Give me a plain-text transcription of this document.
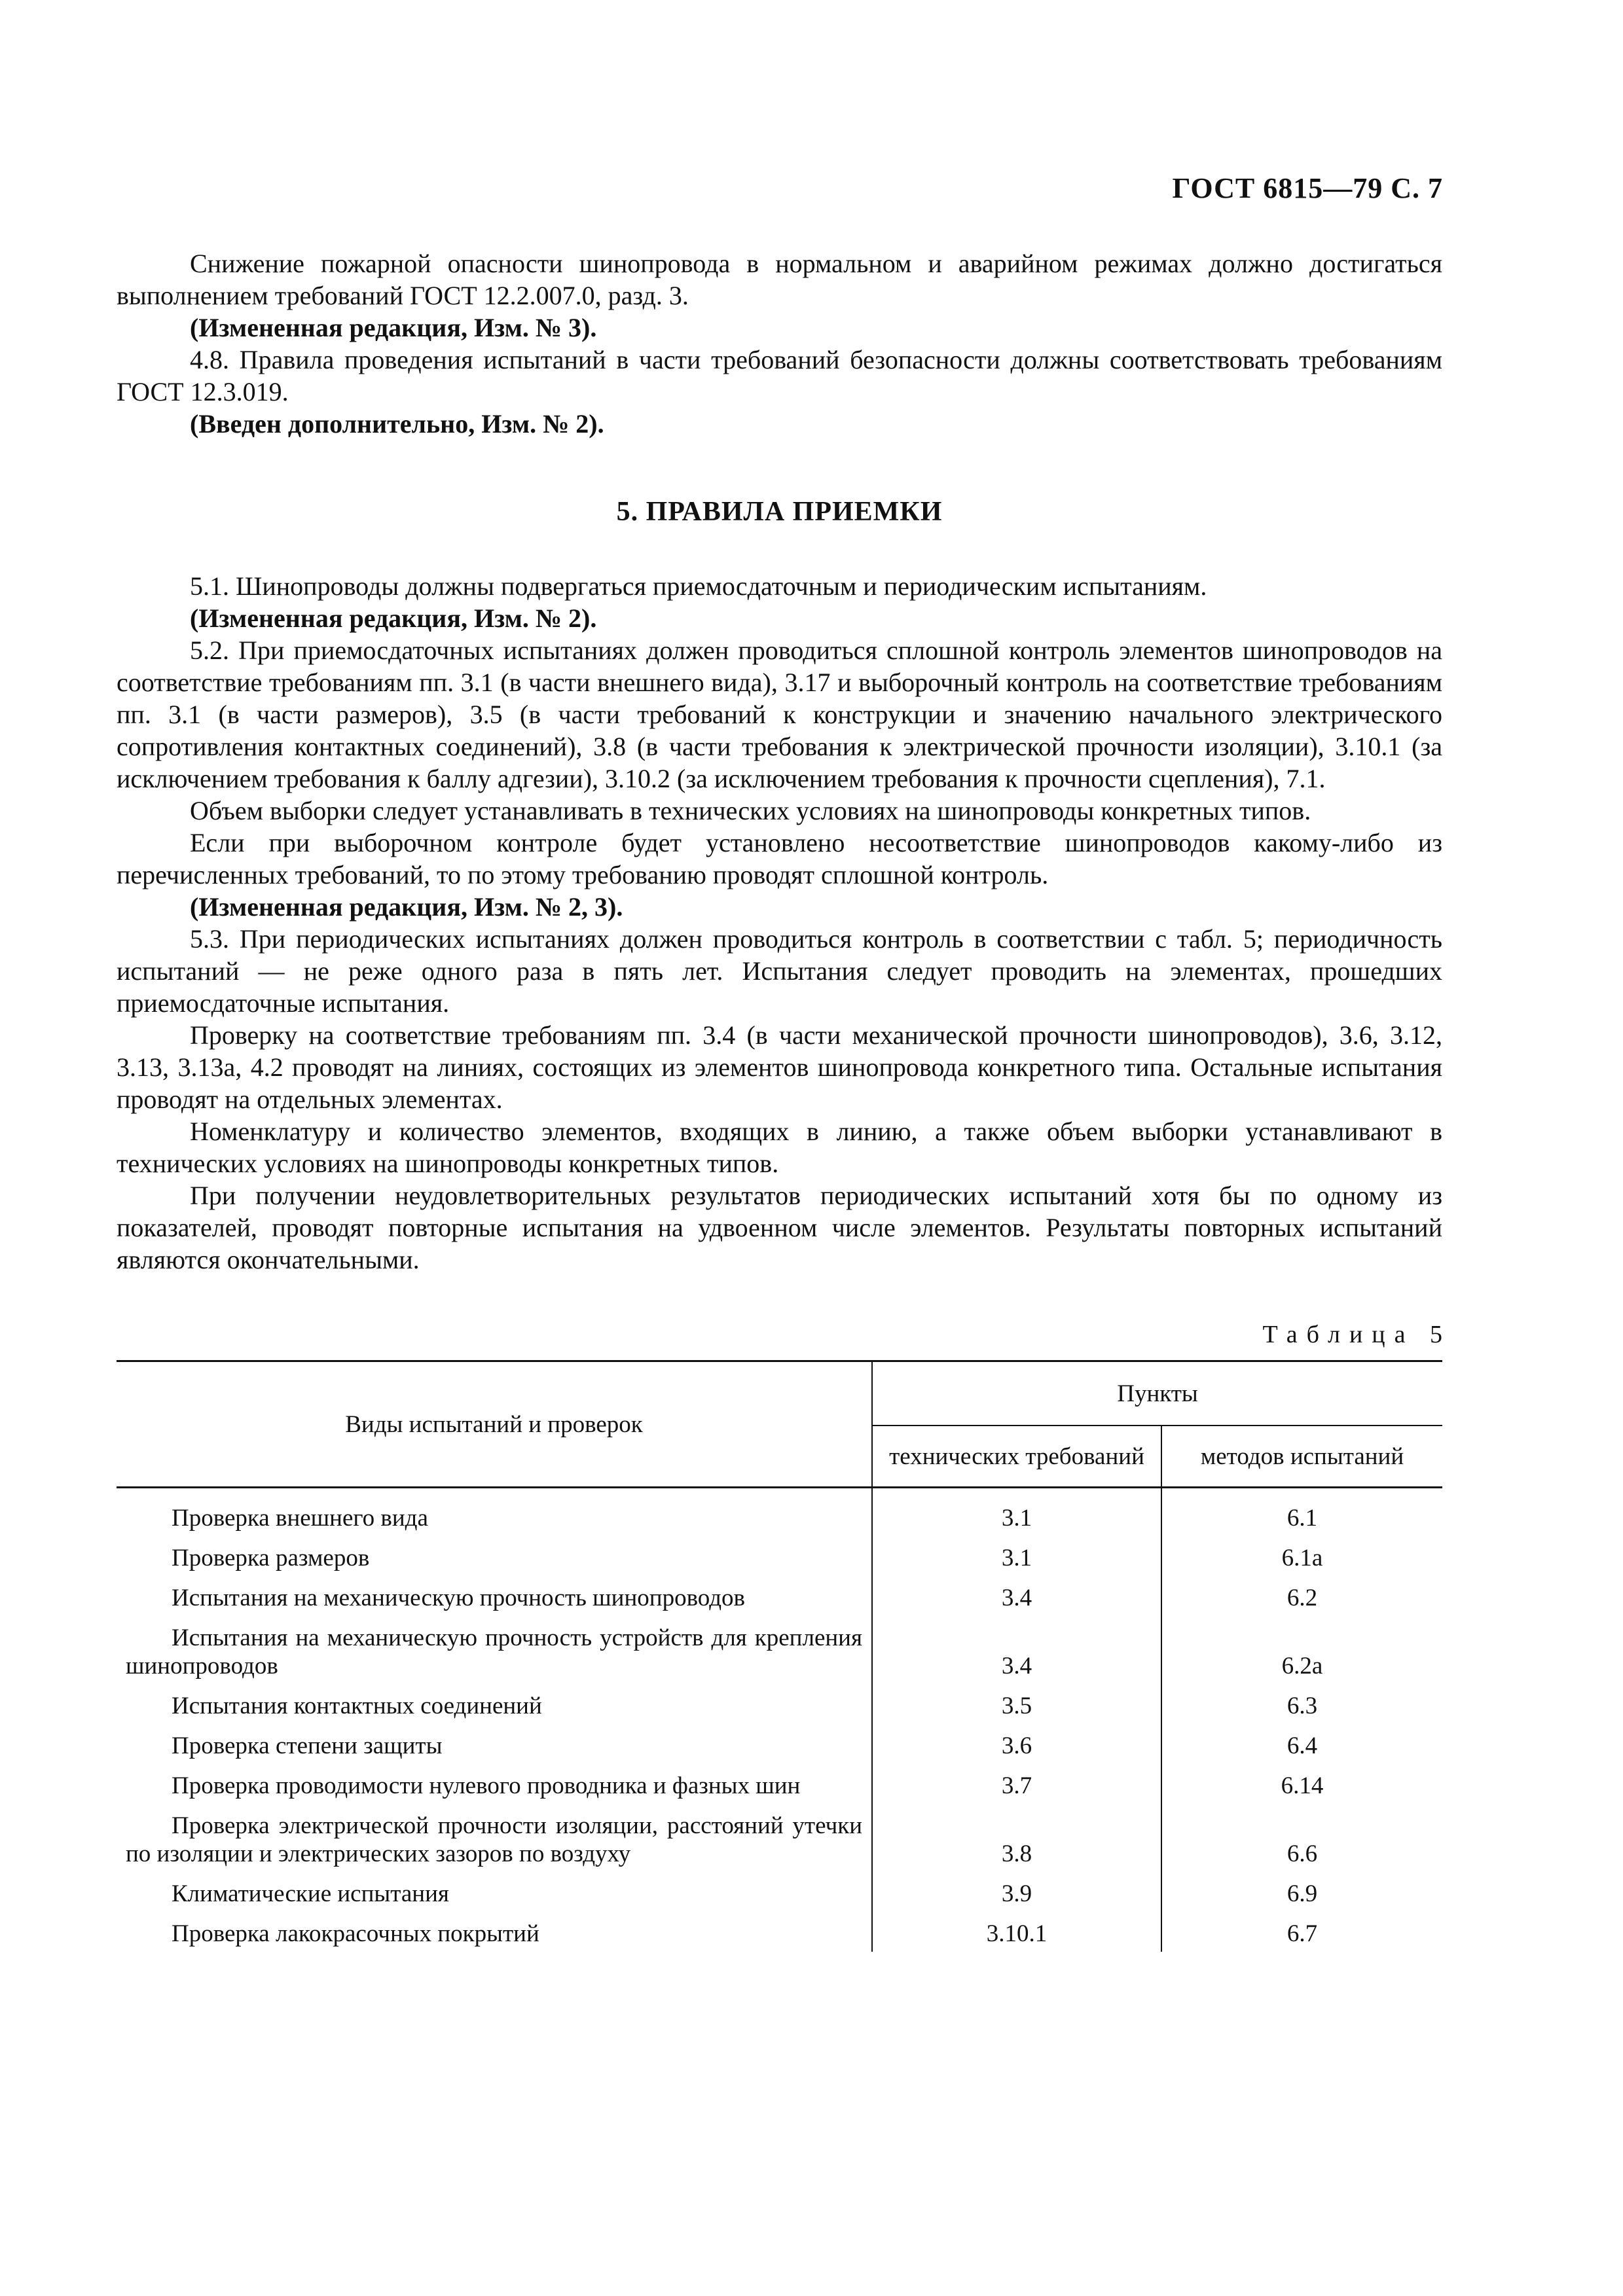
ГОСТ 6815—79 С. 7

Снижение пожарной опасности шинопровода в нормальном и аварийном режимах должно достигаться выполнением требований ГОСТ 12.2.007.0, разд. 3.

(Измененная редакция, Изм. № 3).

4.8. Правила проведения испытаний в части требований безопасности должны соответствовать требованиям ГОСТ 12.3.019.

(Введен дополнительно, Изм. № 2).

5. ПРАВИЛА ПРИЕМКИ

5.1. Шинопроводы должны подвергаться приемосдаточным и периодическим испытаниям.

(Измененная редакция, Изм. № 2).

5.2. При приемосдаточных испытаниях должен проводиться сплошной контроль элементов шинопроводов на соответствие требованиям пп. 3.1 (в части внешнего вида), 3.17 и выборочный контроль на соответствие требованиям пп. 3.1 (в части размеров), 3.5 (в части требований к конструкции и значению начального электрического сопротивления контактных соединений), 3.8 (в части требования к электрической прочности изоляции), 3.10.1 (за исключением требования к баллу адгезии), 3.10.2 (за исключением требования к прочности сцепления), 7.1.

Объем выборки следует устанавливать в технических условиях на шинопроводы конкретных типов.

Если при выборочном контроле будет установлено несоответствие шинопроводов какому-либо из перечисленных требований, то по этому требованию проводят сплошной контроль.

(Измененная редакция, Изм. № 2, 3).

5.3. При периодических испытаниях должен проводиться контроль в соответствии с табл. 5; периодичность испытаний — не реже одного раза в пять лет. Испытания следует проводить на элементах, прошедших приемосдаточные испытания.

Проверку на соответствие требованиям пп. 3.4 (в части механической прочности шинопроводов), 3.6, 3.12, 3.13, 3.13а, 4.2 проводят на линиях, состоящих из элементов шинопровода конкретного типа. Остальные испытания проводят на отдельных элементах.

Номенклатуру и количество элементов, входящих в линию, а также объем выборки устанавливают в технических условиях на шинопроводы конкретных типов.

При получении неудовлетворительных результатов периодических испытаний хотя бы по одному из показателей, проводят повторные испытания на удвоенном числе элементов. Результаты повторных испытаний являются окончательными.

Таблица 5
Виды испытаний и проверок	Пункты	
	технических требований	методов испытаний

Проверка внешнего вида	3.1	6.1

Проверка размеров	3.1	6.1а

Испытания на механическую прочность шинопроводов	3.4	6.2

Испытания на механическую прочность устройств для крепления шинопроводов	3.4	6.2а

Испытания контактных соединений	3.5	6.3

Проверка степени защиты	3.6	6.4

Проверка проводимости нулевого проводника и фазных шин	3.7	6.14

Проверка электрической прочности изоляции, расстояний утечки по изоляции и электрических зазоров по воздуху	3.8	6.6

Климатические испытания	3.9	6.9

Проверка лакокрасочных покрытий	3.10.1	6.7
